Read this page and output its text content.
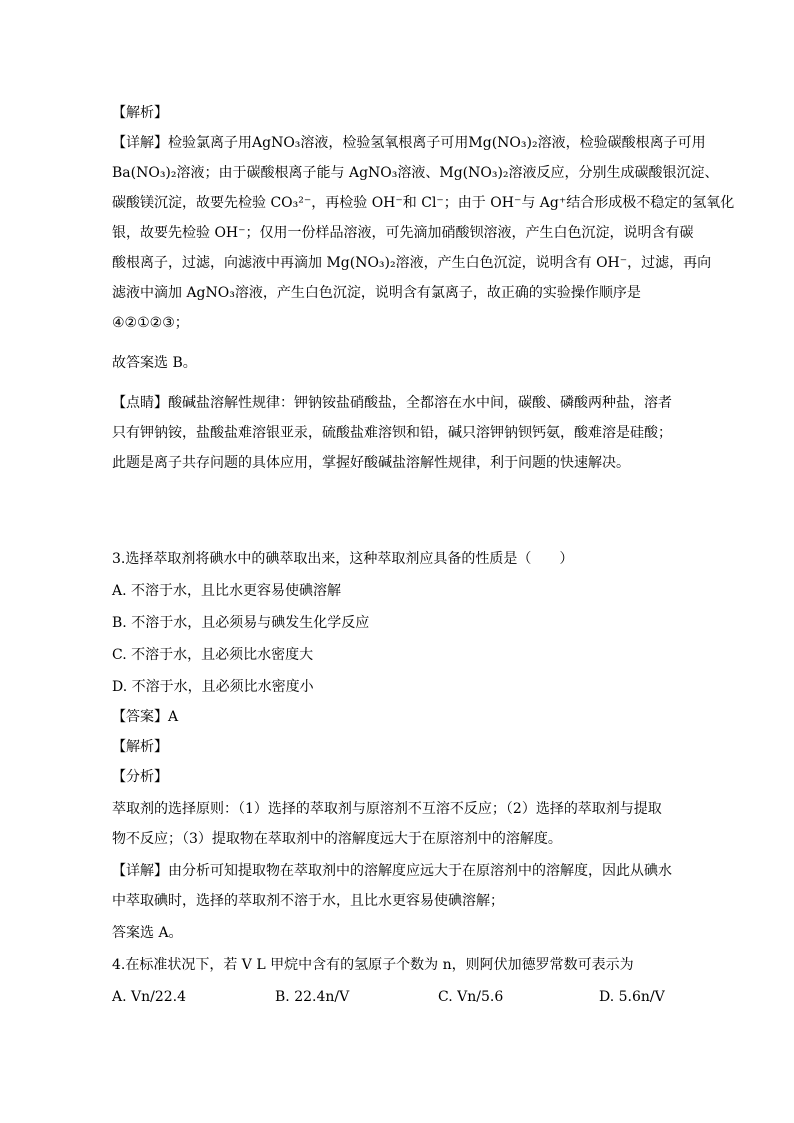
【解析】
【详解】检验氯离子用AgNO₃溶液，检验氢氧根离子可用Mg(NO₃)₂溶液，检验碳酸根离子可用
Ba(NO₃)₂溶液；由于碳酸根离子能与 AgNO₃溶液、Mg(NO₃)₂溶液反应，分别生成碳酸银沉淀、
碳酸镁沉淀，故要先检验 CO₃²⁻，再检验 OH⁻和 Cl⁻；由于 OH⁻与 Ag⁺结合形成极不稳定的氢氧化
银，故要先检验 OH⁻；仅用一份样品溶液，可先滴加硝酸钡溶液，产生白色沉淀，说明含有碳
酸根离子，过滤，向滤液中再滴加 Mg(NO₃)₂溶液，产生白色沉淀，说明含有 OH⁻，过滤，再向
滤液中滴加 AgNO₃溶液，产生白色沉淀，说明含有氯离子，故正确的实验操作顺序是
④②①②③；
故答案选 B。
【点睛】酸碱盐溶解性规律：钾钠铵盐硝酸盐，全都溶在水中间，碳酸、磷酸两种盐，溶者
只有钾钠铵，盐酸盐难溶银亚汞，硫酸盐难溶钡和铅，碱只溶钾钠钡钙氨，酸难溶是硅酸；
此题是离子共存问题的具体应用，掌握好酸碱盐溶解性规律，利于问题的快速解决。
3.选择萃取剂将碘水中的碘萃取出来，这种萃取剂应具备的性质是（　　）
A. 不溶于水，且比水更容易使碘溶解
B. 不溶于水，且必须易与碘发生化学反应
C. 不溶于水，且必须比水密度大
D. 不溶于水，且必须比水密度小
【答案】A
【解析】
【分析】
萃取剂的选择原则：（1）选择的萃取剂与原溶剂不互溶不反应；（2）选择的萃取剂与提取
物不反应；（3）提取物在萃取剂中的溶解度远大于在原溶剂中的溶解度。
【详解】由分析可知提取物在萃取剂中的溶解度应远大于在原溶剂中的溶解度，因此从碘水
中萃取碘时，选择的萃取剂不溶于水，且比水更容易使碘溶解；
答案选 A。
4.在标准状况下，若 V L 甲烷中含有的氢原子个数为 n，则阿伏加德罗常数可表示为
A. Vn/22.4	B. 22.4n/V	C. Vn/5.6	D. 5.6n/V
